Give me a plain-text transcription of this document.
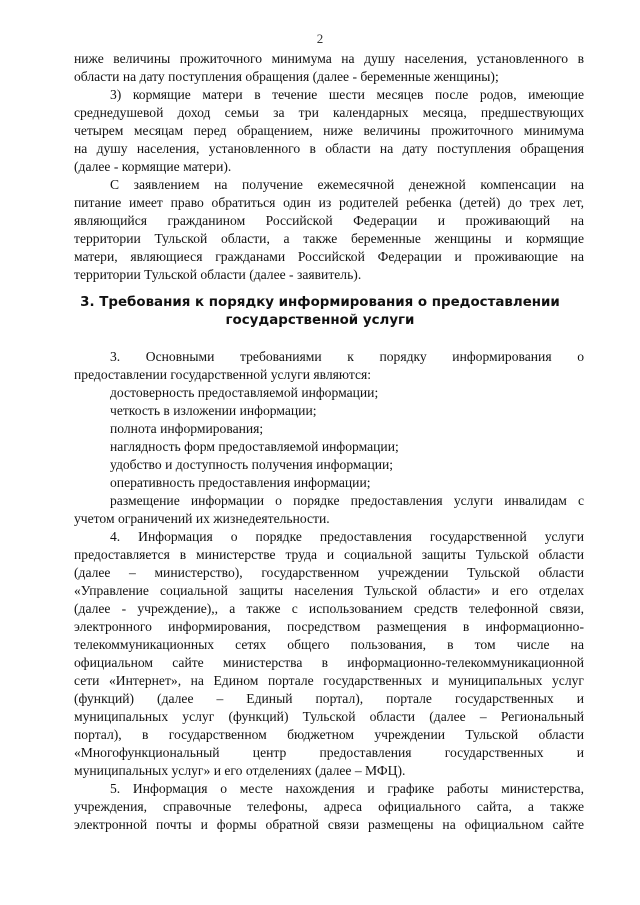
2
ниже величины прожиточного минимума на душу населения, установленного в
области на дату поступления обращения (далее - беременные женщины);
3) кормящие матери в течение шести месяцев после родов, имеющие
среднедушевой доход семьи за три календарных месяца, предшествующих
четырем месяцам перед обращением, ниже величины прожиточного минимума
на душу населения, установленного в области на дату поступления обращения
(далее - кормящие матери).
С заявлением на получение ежемесячной денежной компенсации на
питание имеет право обратиться один из родителей ребенка (детей) до трех лет,
являющийся гражданином Российской Федерации и проживающий на
территории Тульской области, а также беременные женщины и кормящие
матери, являющиеся гражданами Российской Федерации и проживающие на
территории Тульской области (далее - заявитель).
3. Требования к порядку информирования о предоставлении
государственной услуги
3. Основными требованиями к порядку информирования о
предоставлении государственной услуги являются:
достоверность предоставляемой информации;
четкость в изложении информации;
полнота информирования;
наглядность форм предоставляемой информации;
удобство и доступность получения информации;
оперативность предоставления информации;
размещение информации о порядке предоставления услуги инвалидам с
учетом ограничений их жизнедеятельности.
4. Информация о порядке предоставления государственной услуги
предоставляется в министерстве труда и социальной защиты Тульской области
(далее – министерство), государственном учреждении Тульской области
«Управление социальной защиты населения Тульской области» и его отделах
(далее - учреждение),, а также с использованием средств телефонной связи,
электронного информирования, посредством размещения в информационно-
телекоммуникационных сетях общего пользования, в том числе на
официальном сайте министерства в информационно-телекоммуникационной
сети «Интернет», на Едином портале государственных и муниципальных услуг
(функций) (далее – Единый портал), портале государственных и
муниципальных услуг (функций) Тульской области (далее – Региональный
портал), в государственном бюджетном учреждении Тульской области
«Многофункциональный центр предоставления государственных и
муниципальных услуг» и его отделениях (далее – МФЦ).
5. Информация о месте нахождения и графике работы министерства,
учреждения, справочные телефоны, адреса официального сайта, а также
электронной почты и формы обратной связи размещены на официальном сайте
